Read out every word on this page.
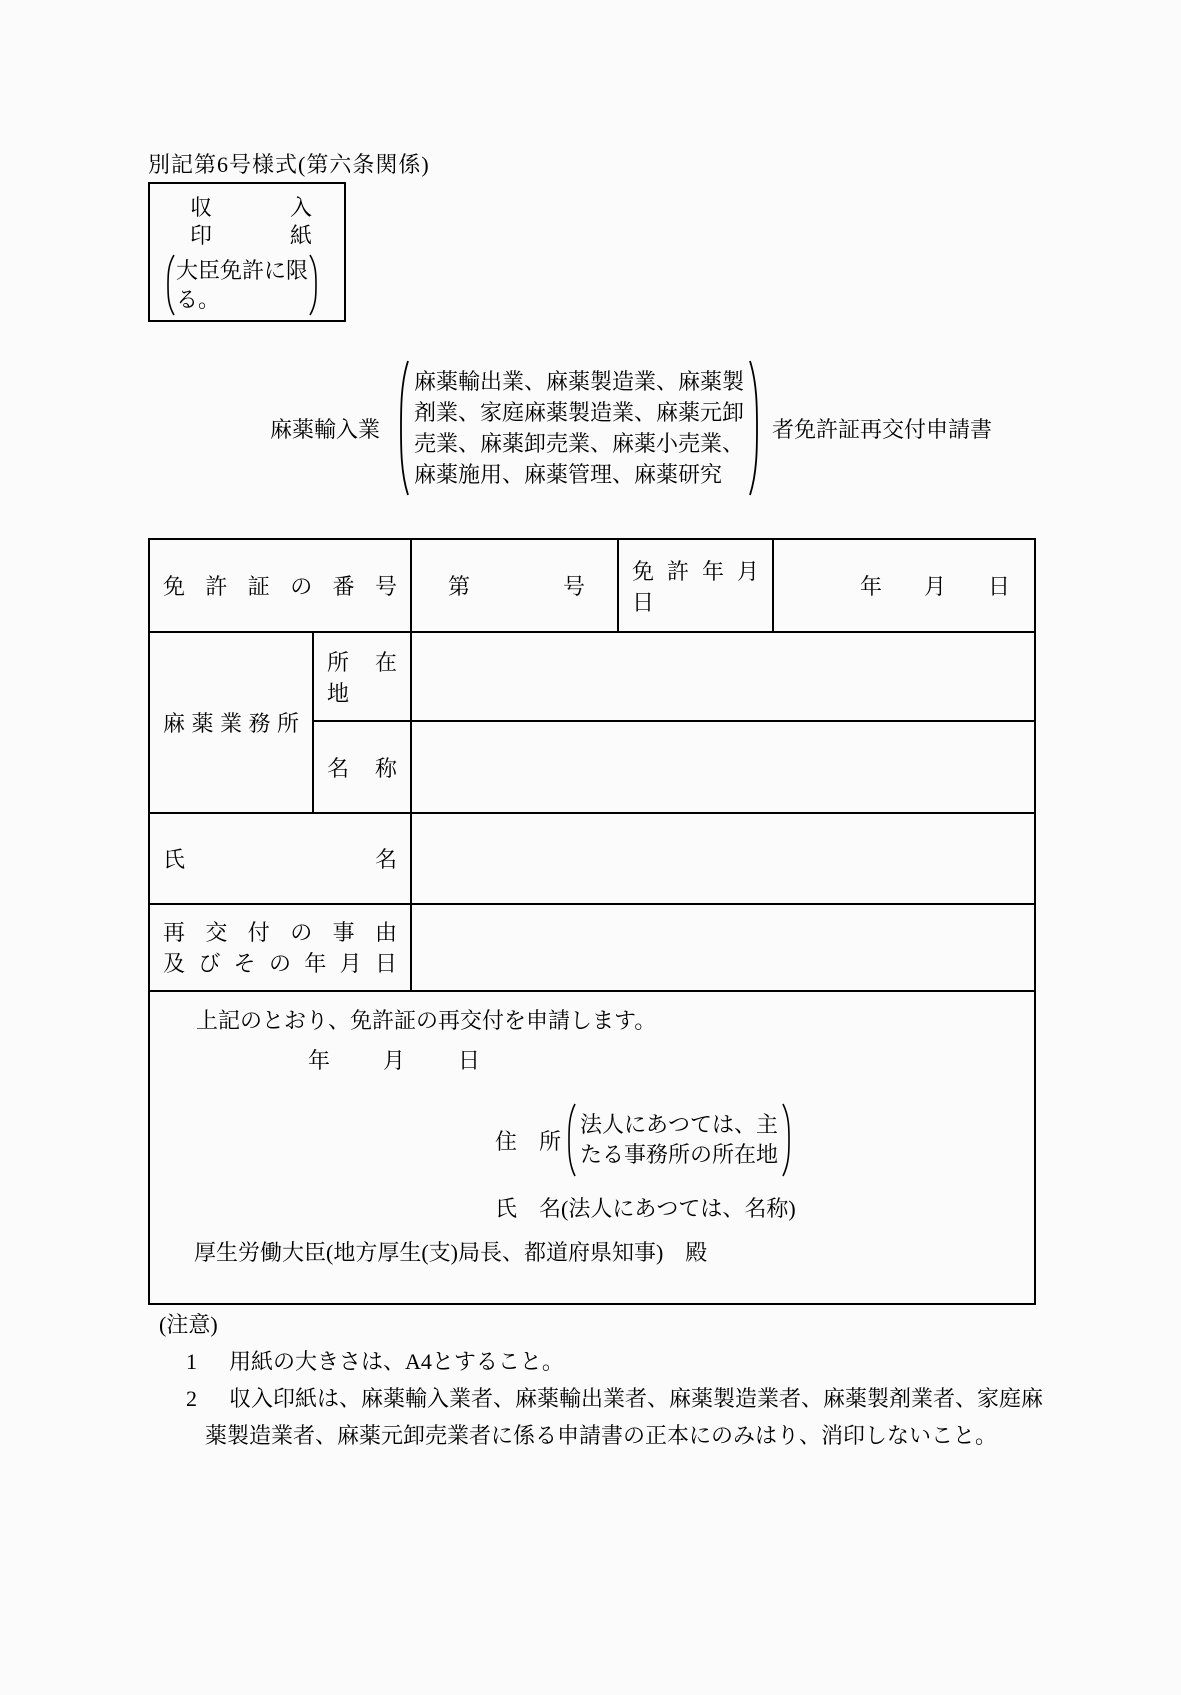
別記第6号様式(第六条関係)
収　　　入
印　　　紙
大臣免許に限
る。
麻薬輸入業
麻薬輸出業、麻薬製造業、麻薬製
剤業、家庭麻薬製造業、麻薬元卸
売業、麻薬卸売業、麻薬小売業、
麻薬施用、麻薬管理、麻薬研究
者免許証再交付申請書
免 許 証 の 番 号		第 号	免 許 年 月 日	年 月 日

麻 薬 業 務 所	所 在 地			
	名 称			
氏 名				

再 交 付 の 事 由
及 び そ の 年 月 日				

上記のとおり、免許証の再交付を申請します。
年　　月　　日
住　所
法人にあつては、主
たる事務所の所在地
氏　名(法人にあつては、名称)
厚生労働大臣(地方厚生(支)局長、都道府県知事)　殿
(注意)
1 用紙の大きさは、A4とすること。
2 収入印紙は、麻薬輸入業者、麻薬輸出業者、麻薬製造業者、麻薬製剤業者、家庭麻
薬製造業者、麻薬元卸売業者に係る申請書の正本にのみはり、消印しないこと。
